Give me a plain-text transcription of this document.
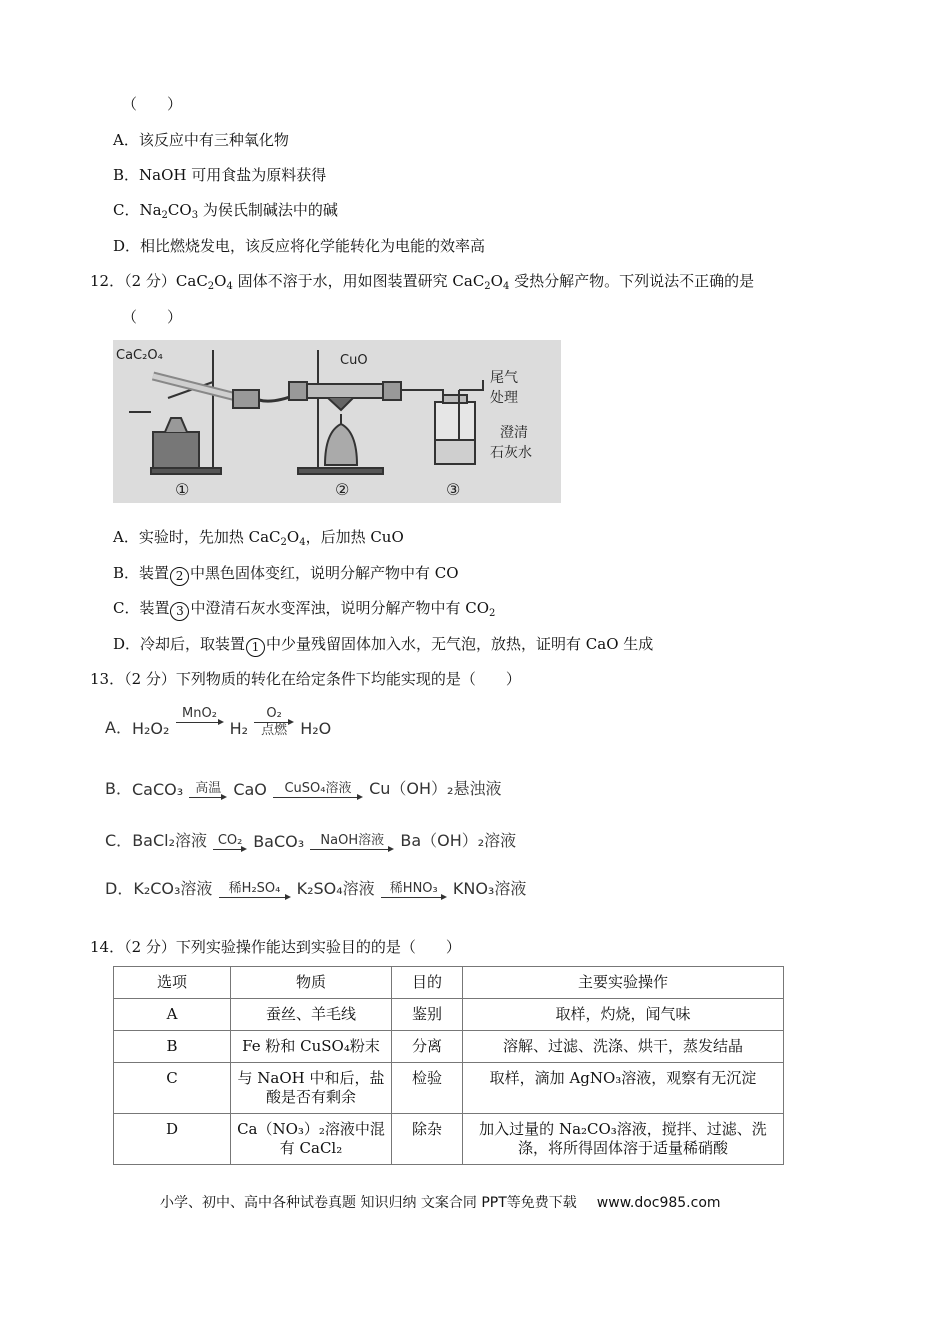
（　　）
A．该反应中有三种氧化物
B．NaOH 可用食盐为原料获得
C．$Na_2CO_3$ 为侯氏制碱法中的碱
D．相比燃烧发电，该反应将化学能转化为电能的效率高
12．（2 分）$CaC_2O_4$ 固体不溶于水，用如图装置研究 $CaC_2O_4$ 受热分解产物。下列说法不正确的是
（　　）
CaC₂O₄	CuO
尾气
处理
澄清
石灰水
①	②	③
A．实验时，先加热 $CaC_2O_4$，后加热 CuO
B．装置 2 中黑色固体变红，说明分解产物中有 CO
C．装置 3 中澄清石灰水变浑浊，说明分解产物中有 $CO_2$
D．冷却后，取装置 1 中少量残留固体加入水，无气泡，放热，证明有 CaO 生成
13．（2 分）下列物质的转化在给定条件下均能实现的是（　　）
A．H₂O₂
MnO₂

H₂
O₂
点燃 H₂O
B．CaCO₃ 高温 CaO CuSO₄溶液 Cu（OH）₂悬浊液
C．BaCl₂溶液 CO₂ BaCO₃ NaOH溶液 Ba（OH）₂溶液
D．K₂CO₃溶液 稀H₂SO₄ K₂SO₄溶液 稀HNO₃ KNO₃溶液
14．（2 分）下列实验操作能达到实验目的的是（　　）
选项	物质	目的	主要实验操作
A	蚕丝、羊毛线	鉴别	取样，灼烧，闻气味
B	Fe 粉和 CuSO₄粉末	分离	溶解、过滤、洗涤、烘干，蒸发结晶
C	与 NaOH 中和后，盐酸是否有剩余	检验	取样，滴加 AgNO₃溶液，观察有无沉淀
D	Ca（NO₃）₂溶液中混有 CaCl₂	除杂	加入过量的 Na₂CO₃溶液，搅拌、过滤、洗涤，将所得固体溶于适量稀硝酸
小学、初中、高中各种试卷真题 知识归纳 文案合同 PPT等免费下载 www.doc985.com
